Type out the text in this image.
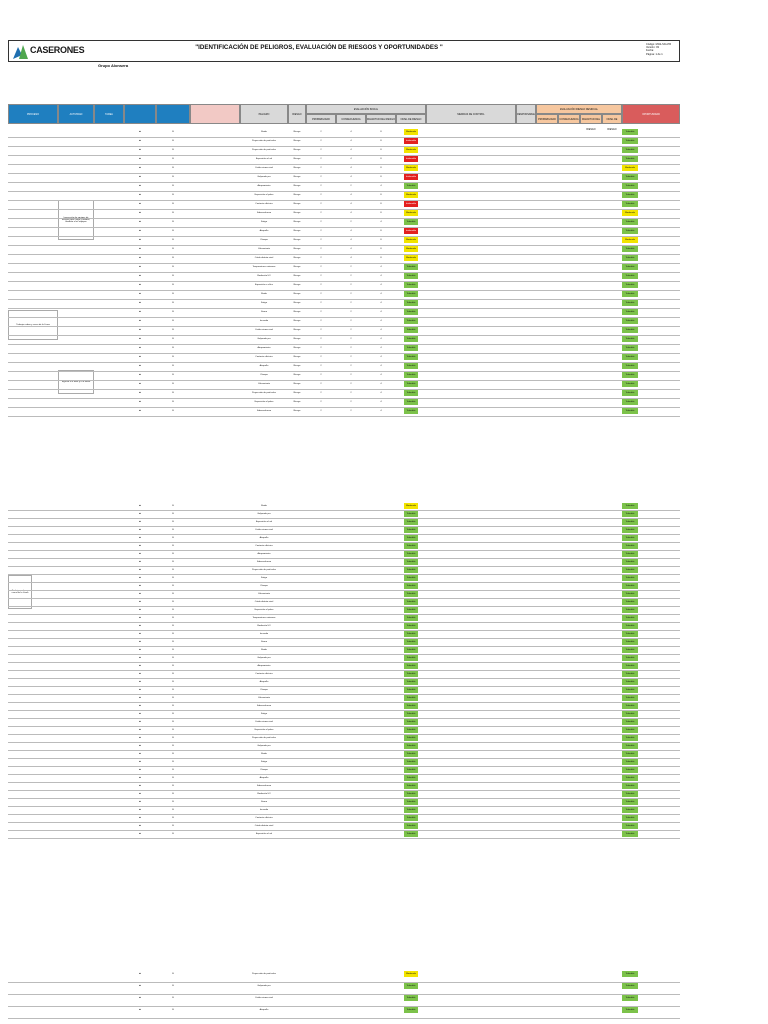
CASERONES	"IDENTIFICACIÓN DE PELIGROS, EVALUACIÓN DE RIESGOS Y OPORTUNIDADES "	Código: MAS-SIG-PR
Versión: 03
Fecha:
Página: 1 de 1
Grupo Alonsera
PROCESO	ACTIVIDAD	TAREA	PELIGRO	RIESGO
EVALUACIÓN INICIAL
PROBABILIDAD	CONSECUENCIA	MAGNITUD DEL RIESGO	NIVEL DE RIESGO
MEDIDAS DE CONTROL	RESPONSABLE
EVALUACIÓN RIESGO RESIDUAL
PROBABILIDAD	CONSECUENCIA	MAGNITUD DEL RIESGO
NIVEL DE RIESGO
OPORTUNIDAD
Inspección de equipos de riesgos para carga y medios, también a los equipos
Trabajos sobre y cerca de la Línea
Ingreso a la obra y a la faena
■	B	Ruido	Riesgo	2	4	8	Moderado	Tolerable
■	B	Proyección de partículas	Riesgo	2	4	8	Intolerable	Tolerable
■	B	Proyección de partículas	Riesgo	2	4	8	Moderado	Tolerable
■	B	Exposición al sol	Riesgo	2	4	8	Intolerable	Tolerable
■	B	Caída mismo nivel	Riesgo	2	4	8	Moderado	Moderado
■	B	Golpeado por	Riesgo	2	4	8	Intolerable	Tolerable
■	B	Atrapamiento	Riesgo	2	2	4	Tolerable	Tolerable
■	B	Exposición al polvo	Riesgo	2	4	8	Moderado	Tolerable
■	B	Contacto eléctrico	Riesgo	2	4	8	Intolerable	Tolerable
■	B	Sobreesfuerzo	Riesgo	2	4	8	Moderado	Moderado
■	B	Fatiga	Riesgo	2	2	4	Tolerable	Tolerable
■	B	Atropello	Riesgo	2	4	8	Intolerable	Tolerable
■	B	Choque	Riesgo	2	4	8	Moderado	Moderado
■	B	Volcamiento	Riesgo	2	4	8	Moderado	Tolerable
■	B	Caída distinto nivel	Riesgo	2	4	8	Moderado	Tolerable
■	B	Temperaturas extremas	Riesgo	2	2	4	Tolerable	Tolerable
■	B	Radiación UV	Riesgo	2	2	4	Tolerable	Tolerable
■	B	Exposición a sílice	Riesgo	2	2	4	Tolerable	Tolerable
■	B	Ruido	Riesgo	2	2	4	Tolerable	Tolerable
■	B	Fatiga	Riesgo	2	2	4	Tolerable	Tolerable
■	B	Sismo	Riesgo	2	2	4	Tolerable	Tolerable
■	B	Incendio	Riesgo	2	2	4	Tolerable	Tolerable
■	B	Caída mismo nivel	Riesgo	2	2	4	Tolerable	Tolerable
■	B	Golpeado por	Riesgo	2	2	4	Tolerable	Tolerable
■	B	Atrapamiento	Riesgo	2	2	4	Tolerable	Tolerable
■	B	Contacto eléctrico	Riesgo	2	2	4	Tolerable	Tolerable
■	B	Atropello	Riesgo	2	2	4	Tolerable	Tolerable
■	B	Choque	Riesgo	2	2	4	Tolerable	Tolerable
■	B	Volcamiento	Riesgo	2	2	4	Tolerable	Tolerable
■	B	Proyección de partículas	Riesgo	2	2	4	Tolerable	Tolerable
■	B	Exposición al polvo	Riesgo	2	2	4	Tolerable	Tolerable
■	B	Sobreesfuerzo	Riesgo	2	2	4	Tolerable	Tolerable
Trabajos sobre y cerca de la Línea
■	B	Ruido	Moderado	Tolerable
■	B	Golpeado por	Tolerable	Tolerable
■	B	Exposición al sol	Tolerable	Tolerable
■	B	Caída mismo nivel	Tolerable	Tolerable
■	B	Atropello	Tolerable	Tolerable
■	B	Contacto eléctrico	Tolerable	Tolerable
■	B	Atrapamiento	Tolerable	Tolerable
■	B	Sobreesfuerzo	Tolerable	Tolerable
■	B	Proyección de partículas	Tolerable	Tolerable
■	B	Fatiga	Tolerable	Tolerable
■	B	Choque	Tolerable	Tolerable
■	B	Volcamiento	Tolerable	Tolerable
■	B	Caída distinto nivel	Tolerable	Tolerable
■	B	Exposición al polvo	Tolerable	Tolerable
■	B	Temperaturas extremas	Tolerable	Tolerable
■	B	Radiación UV	Tolerable	Tolerable
■	B	Incendio	Tolerable	Tolerable
■	B	Sismo	Tolerable	Tolerable
■	B	Ruido	Tolerable	Tolerable
■	B	Golpeado por	Tolerable	Tolerable
■	B	Atrapamiento	Tolerable	Tolerable
■	B	Contacto eléctrico	Tolerable	Tolerable
■	B	Atropello	Tolerable	Tolerable
■	B	Choque	Tolerable	Tolerable
■	B	Volcamiento	Tolerable	Tolerable
■	B	Sobreesfuerzo	Tolerable	Tolerable
■	B	Fatiga	Tolerable	Tolerable
■	B	Caída mismo nivel	Tolerable	Tolerable
■	B	Exposición al polvo	Tolerable	Tolerable
■	B	Proyección de partículas	Tolerable	Tolerable
■	B	Golpeado por	Tolerable	Tolerable
■	B	Ruido	Tolerable	Tolerable
■	B	Fatiga	Tolerable	Tolerable
■	B	Choque	Tolerable	Tolerable
■	B	Atropello	Tolerable	Tolerable
■	B	Sobreesfuerzo	Tolerable	Tolerable
■	B	Radiación UV	Tolerable	Tolerable
■	B	Sismo	Tolerable	Tolerable
■	B	Incendio	Tolerable	Tolerable
■	B	Contacto eléctrico	Tolerable	Tolerable
■	B	Caída distinto nivel	Tolerable	Tolerable
■	B	Exposición al sol	Tolerable	Tolerable
■	B	Proyección de partículas	Moderado	Tolerable
■	B	Golpeado por	Tolerable	Tolerable
■	B	Caída mismo nivel	Tolerable	Tolerable
■	B	Atropello	Tolerable	Tolerable
